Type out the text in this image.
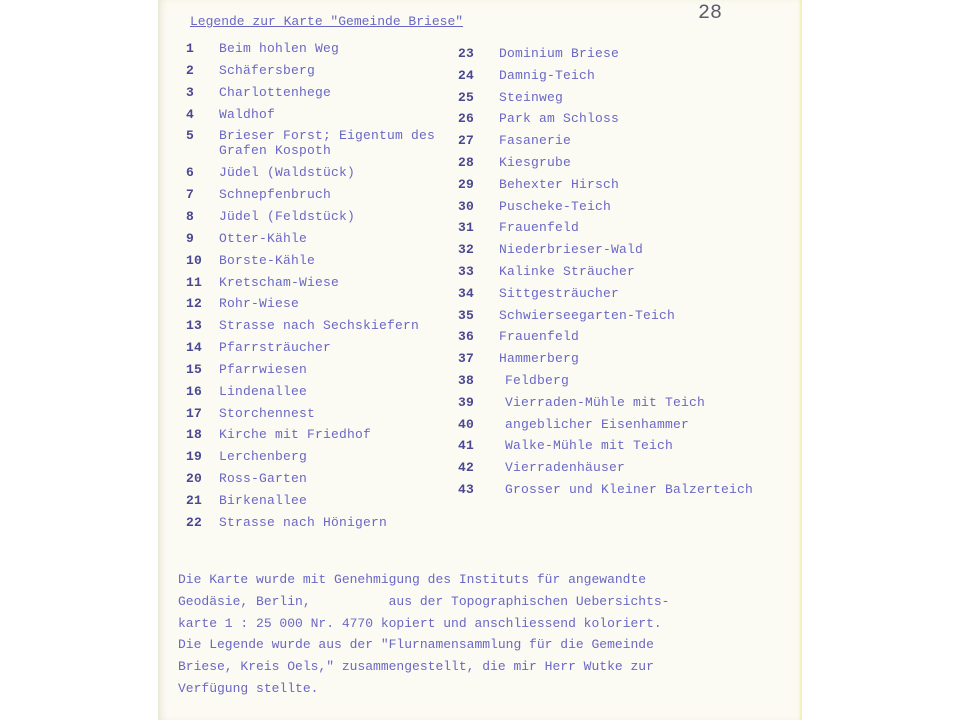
28
Legende zur Karte "Gemeinde Briese"
1 Beim hohlen Weg
2 Schäfersberg
3 Charlottenhege
4 Waldhof
5 Brieser Forst; Eigentum des
Grafen Kospoth
6 Jüdel (Waldstück)
7 Schnepfenbruch
8 Jüdel (Feldstück)
9 Otter-Kähle
10 Borste-Kähle
11 Kretscham-Wiese
12 Rohr-Wiese
13 Strasse nach Sechskiefern
14 Pfarrsträucher
15 Pfarrwiesen
16 Lindenallee
17 Storchennest
18 Kirche mit Friedhof
19 Lerchenberg
20 Ross-Garten
21 Birkenallee
22 Strasse nach Hönigern
23 Dominium Briese
24 Damnig-Teich
25 Steinweg
26 Park am Schloss
27 Fasanerie
28 Kiesgrube
29 Behexter Hirsch
30 Puscheke-Teich
31 Frauenfeld
32 Niederbrieser-Wald
33 Kalinke Sträucher
34 Sittgesträucher
35 Schwierseegarten-Teich
36 Frauenfeld
37 Hammerberg
38 Feldberg
39 Vierraden-Mühle mit Teich
40 angeblicher Eisenhammer
41 Walke-Mühle mit Teich
42 Vierradenhäuser
43 Grosser und Kleiner Balzerteich
Die Karte wurde mit Genehmigung des Instituts für angewandte
Geodäsie, Berlin,          aus der Topographischen Uebersichts-
karte 1 : 25 000 Nr. 4770 kopiert und anschliessend koloriert.
Die Legende wurde aus der "Flurnamensammlung für die Gemeinde
Briese, Kreis Oels," zusammengestellt, die mir Herr Wutke zur
Verfügung stellte.
